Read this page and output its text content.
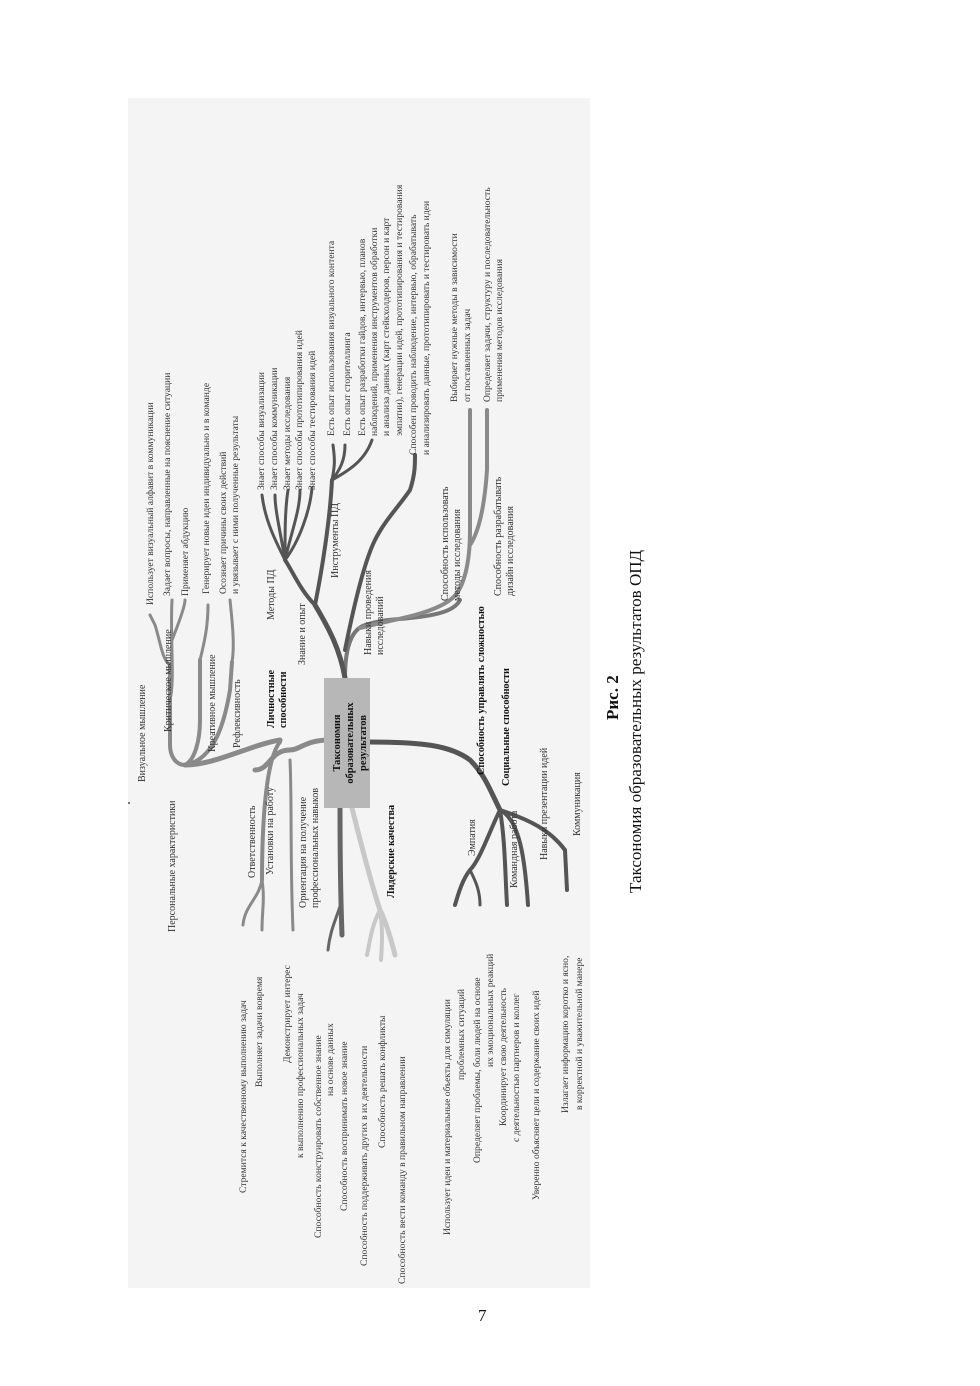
Таксономия образовательных результатов
Личностные способности
Знание и опыт	Способность управлять сложностью Социальные способности
Лидерские качества
Визуальное мышление
Критическое мышление	Креативное мышление Рефлексивность
Персональные характеристики	Ответственность Установки на работу Ориентация на получение профессиональных навыков
Методы ПД
Инструменты ПД
Навыки проведения исследований
Способность использовать методы исследования	Способность разрабатывать дизайн исследования
Эмпатия	Командная работа Навыки презентации идей Коммуникация
Использует визуальный алфавит в коммуникации Задает вопросы, направленные на пояснение ситуации Применяет абдукцию Генерирует новые идеи индивидуально и в команде Осознает причины своих действий и увязывает с ними полученные результаты Знает способы визуализации Знает способы коммуникации Знает методы исследования Знает способы прототипирования идей Знает способы тестирования идей Есть опыт использования визуального контента Есть опыт сторителлинга Есть опыт разработки гайдов, интервью, планов наблюдений, применения инструментов обработки и анализа данных (карт стейкхолдеров, персон и карт эмпатии), генерации идей, прототипирования и тестирования Способен проводить наблюдение, интервью, обрабатывать и анализировать данные, прототипировать и тестировать идеи Выбирает нужные методы в зависимости от поставленных задач Определяет задачи, структуру и последовательность применения методов исследования
Стремится к качественному выполнению задач Выполняет задачи вовремя Демонстрирует интерес к выполнению профессиональных задач Способность конструировать собственное знание на основе данных Способность воспринимать новое знание Способность поддерживать других в их деятельности Способность решать конфликты Способность вести команду в правильном направлении	Использует идеи и материальные объекты для симуляции проблемных ситуаций Определяет проблемы, боли людей на основе их эмоциональных реакций Координирует свою деятельность с деятельностью партнеров и коллег Уверенно объясняет цели и содержание своих идей Излагает информацию коротко и ясно, в корректной и уважительной манере
Рис. 2 Таксономия образовательных результатов ОПД
7
